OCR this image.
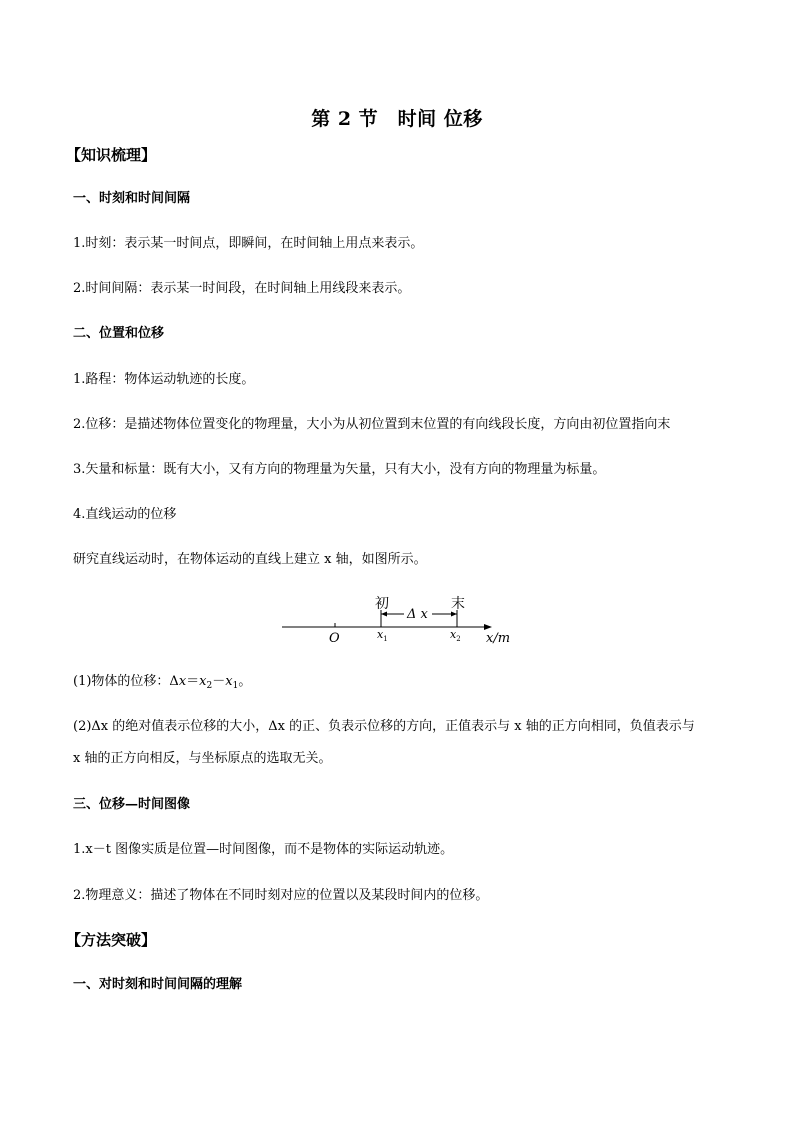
第 2 节　时间 位移
【知识梳理】
一、时刻和时间间隔
1.时刻：表示某一时间点，即瞬间，在时间轴上用点来表示。
2.时间间隔：表示某一时间段，在时间轴上用线段来表示。
二、位置和位移
1.路程：物体运动轨迹的长度。
2.位移：是描述物体位置变化的物理量，大小为从初位置到末位置的有向线段长度，方向由初位置指向末
3.矢量和标量：既有大小，又有方向的物理量为矢量，只有大小，没有方向的物理量为标量。
4.直线运动的位移
研究直线运动时，在物体运动的直线上建立 x 轴，如图所示。
初	末
Δ x
O	$x_1$	$x_2$ x/m
(1)物体的位移：$\Delta x=x_2-x_1$。
(2)Δx 的绝对值表示位移的大小，Δx 的正、负表示位移的方向，正值表示与 x 轴的正方向相同，负值表示与
x 轴的正方向相反，与坐标原点的选取无关。
三、位移—时间图像
1.x－t 图像实质是位置—时间图像，而不是物体的实际运动轨迹。
2.物理意义：描述了物体在不同时刻对应的位置以及某段时间内的位移。
【方法突破】
一、对时刻和时间间隔的理解
